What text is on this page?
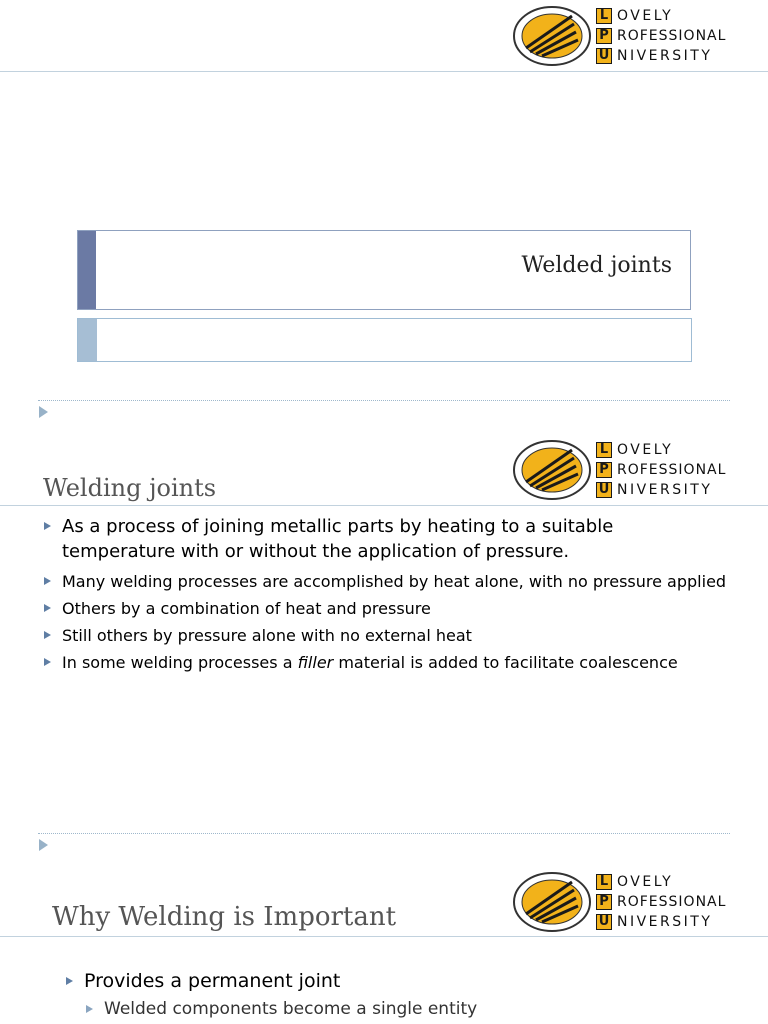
L OVELY
P ROFESSIONAL
U NIVERSITY
Welded joints
L OVELY
P ROFESSIONAL
U NIVERSITY
Welding joints
As a process of joining metallic parts by heating to a suitable temperature with or without the application of pressure.
Many welding processes are accomplished by heat alone, with no pressure applied
Others by a combination of heat and pressure
Still others by pressure alone with no external heat
In some welding processes a filler material is added to facilitate coalescence
L OVELY
P ROFESSIONAL
U NIVERSITY
Why Welding is Important
Provides a permanent joint
Welded components become a single entity
